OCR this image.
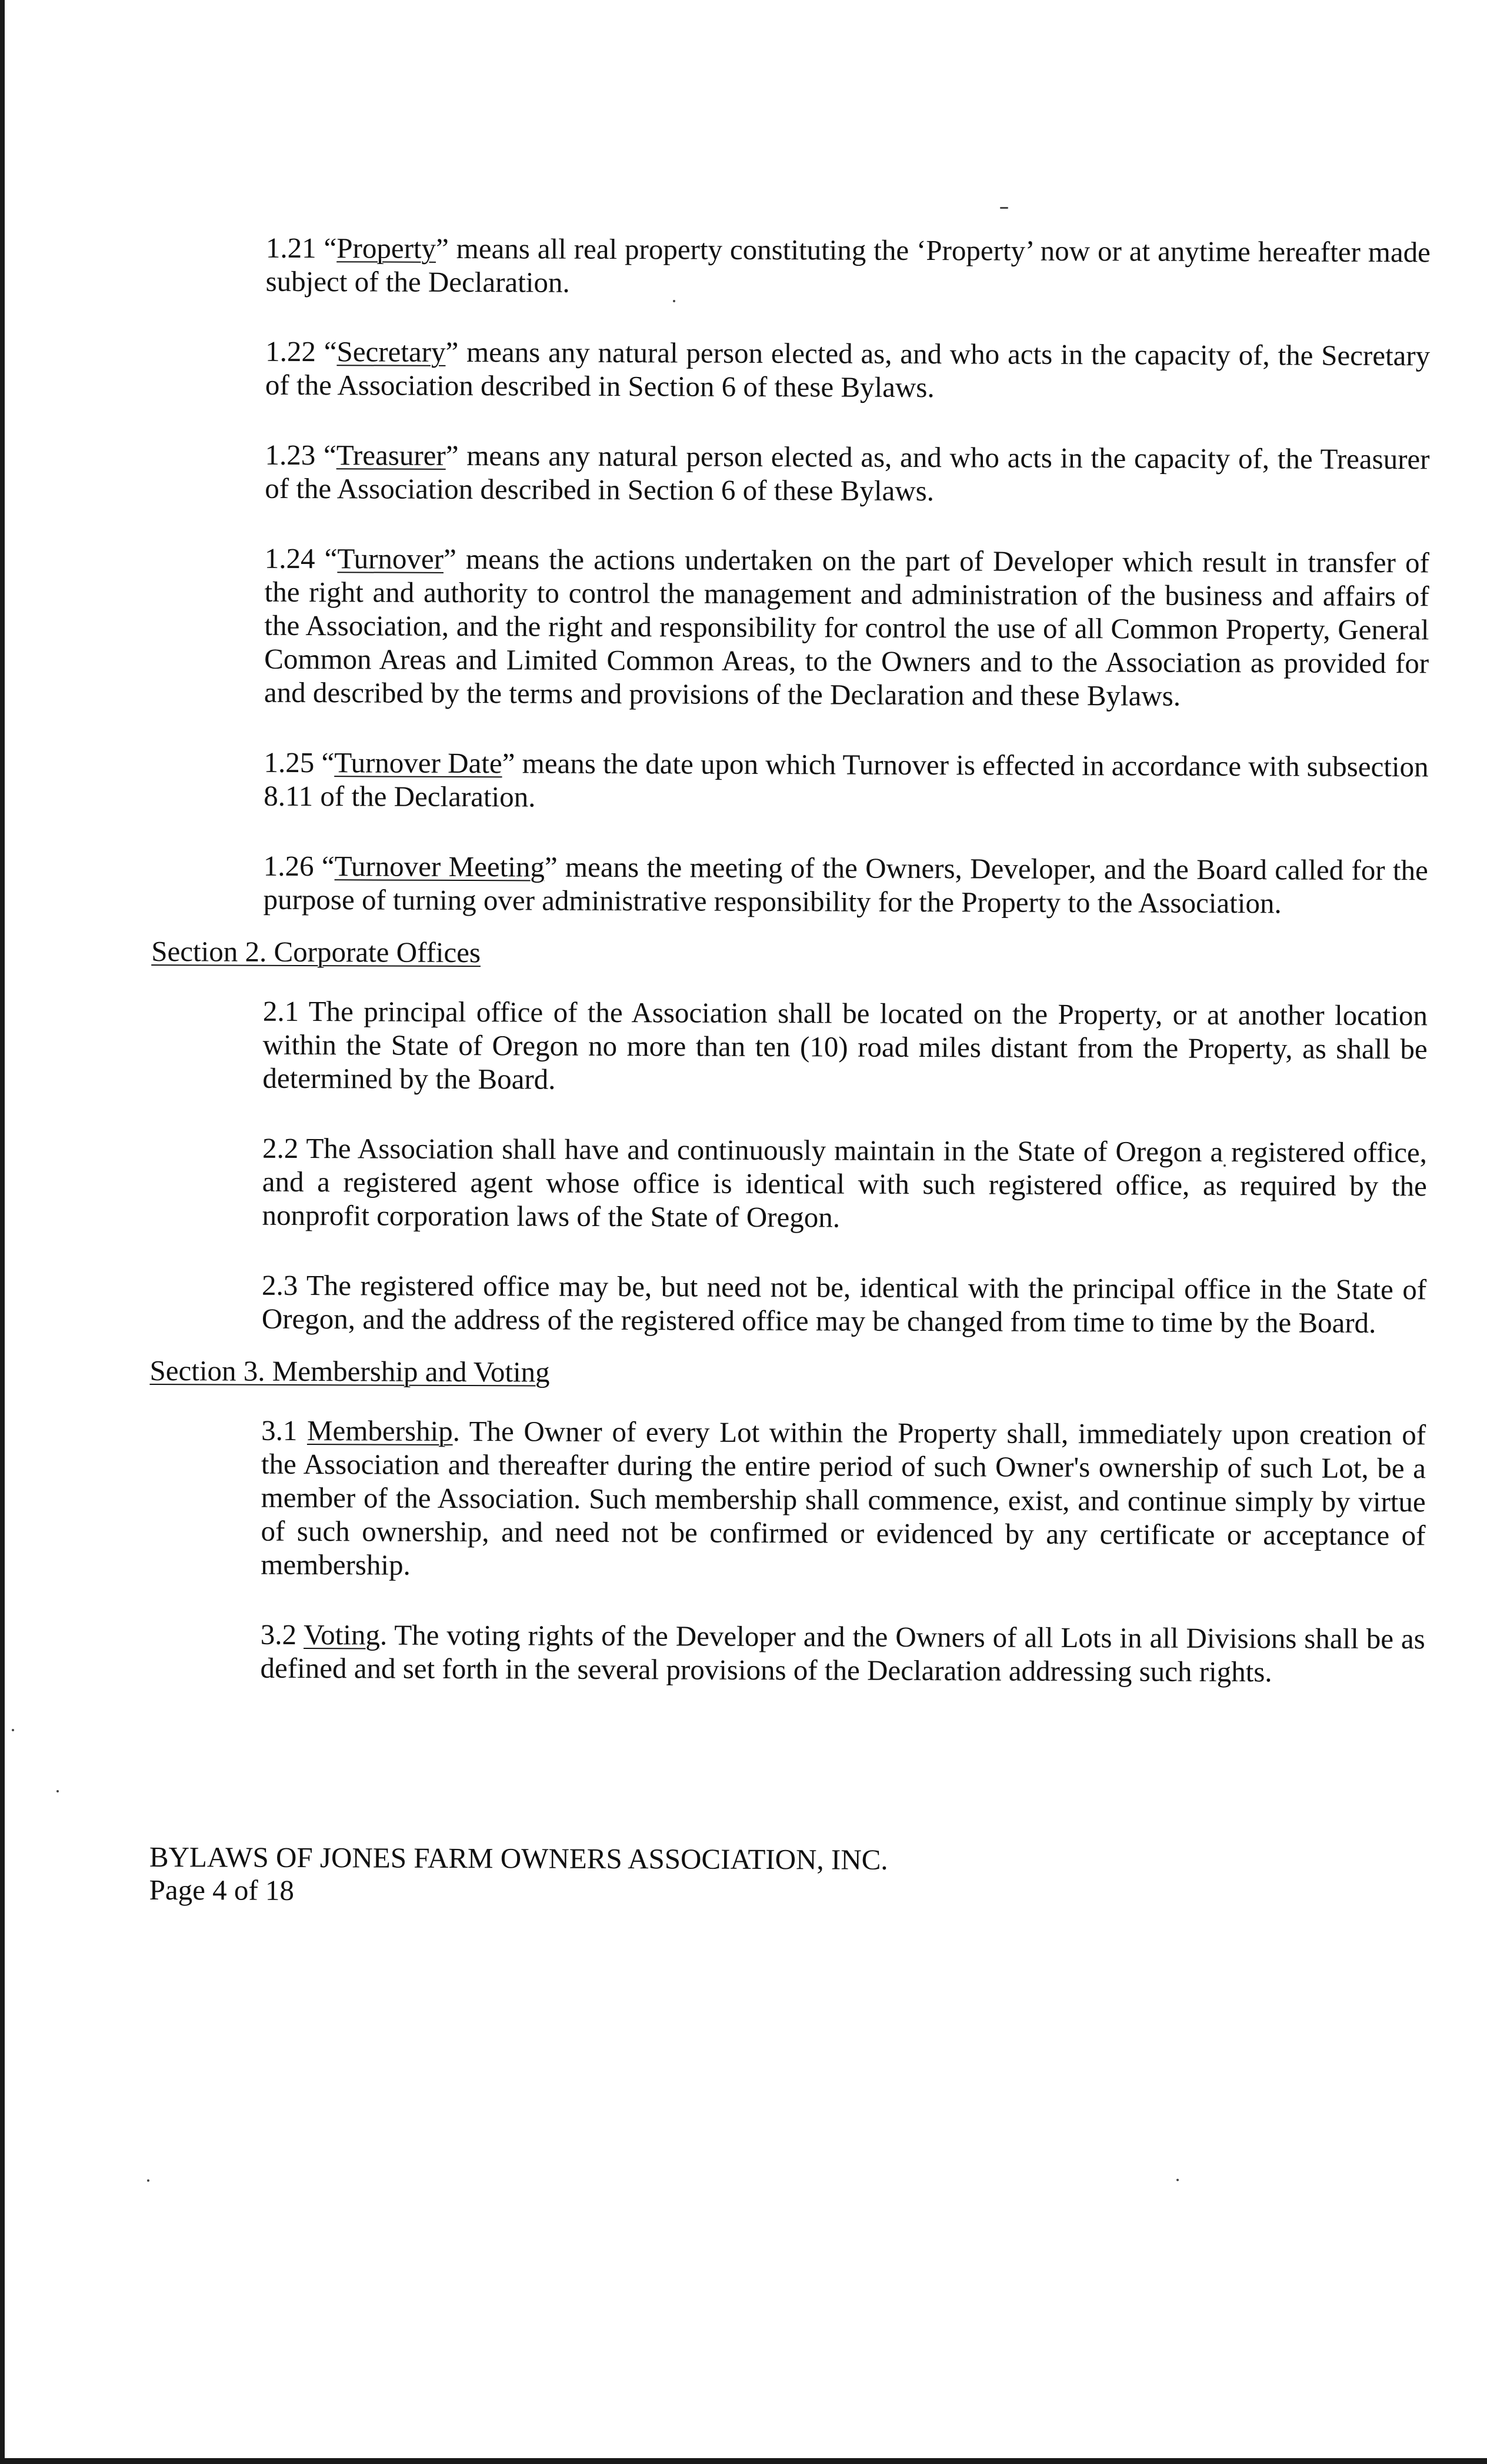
1.21 “Property” means all real property constituting the ‘Property’ now or at anytime hereafter made subject of the Declaration.

1.22 “Secretary” means any natural person elected as, and who acts in the capacity of, the Secretary of the Association described in Section 6 of these Bylaws.

1.23 “Treasurer” means any natural person elected as, and who acts in the capacity of, the Treasurer of the Association described in Section 6 of these Bylaws.

1.24 “Turnover” means the actions undertaken on the part of Developer which result in transfer of the right and authority to control the management and administration of the business and affairs of the Association, and the right and responsibility for control the use of all Common Property, General Common Areas and Limited Common Areas, to the Owners and to the Association as provided for and described by the terms and provisions of the Declaration and these Bylaws.

1.25 “Turnover Date” means the date upon which Turnover is effected in accordance with subsection 8.11 of the Declaration.

1.26 “Turnover Meeting” means the meeting of the Owners, Developer, and the Board called for the purpose of turning over administrative responsibility for the Property to the Association.

Section 2. Corporate Offices

2.1 The principal office of the Association shall be located on the Property, or at another location within the State of Oregon no more than ten (10) road miles distant from the Property, as shall be determined by the Board.

2.2 The Association shall have and continuously maintain in the State of Oregon a registered office, and a registered agent whose office is identical with such registered office, as required by the nonprofit corporation laws of the State of Oregon.

2.3 The registered office may be, but need not be, identical with the principal office in the State of Oregon, and the address of the registered office may be changed from time to time by the Board.

Section 3. Membership and Voting

3.1 Membership. The Owner of every Lot within the Property shall, immediately upon creation of the Association and thereafter during the entire period of such Owner's ownership of such Lot, be a member of the Association. Such membership shall commence, exist, and continue simply by virtue of such ownership, and need not be confirmed or evidenced by any certificate or acceptance of membership.

3.2 Voting. The voting rights of the Developer and the Owners of all Lots in all Divisions shall be as defined and set forth in the several provisions of the Declaration addressing such rights.

BYLAWS OF JONES FARM OWNERS ASSOCIATION, INC.
Page 4 of 18
